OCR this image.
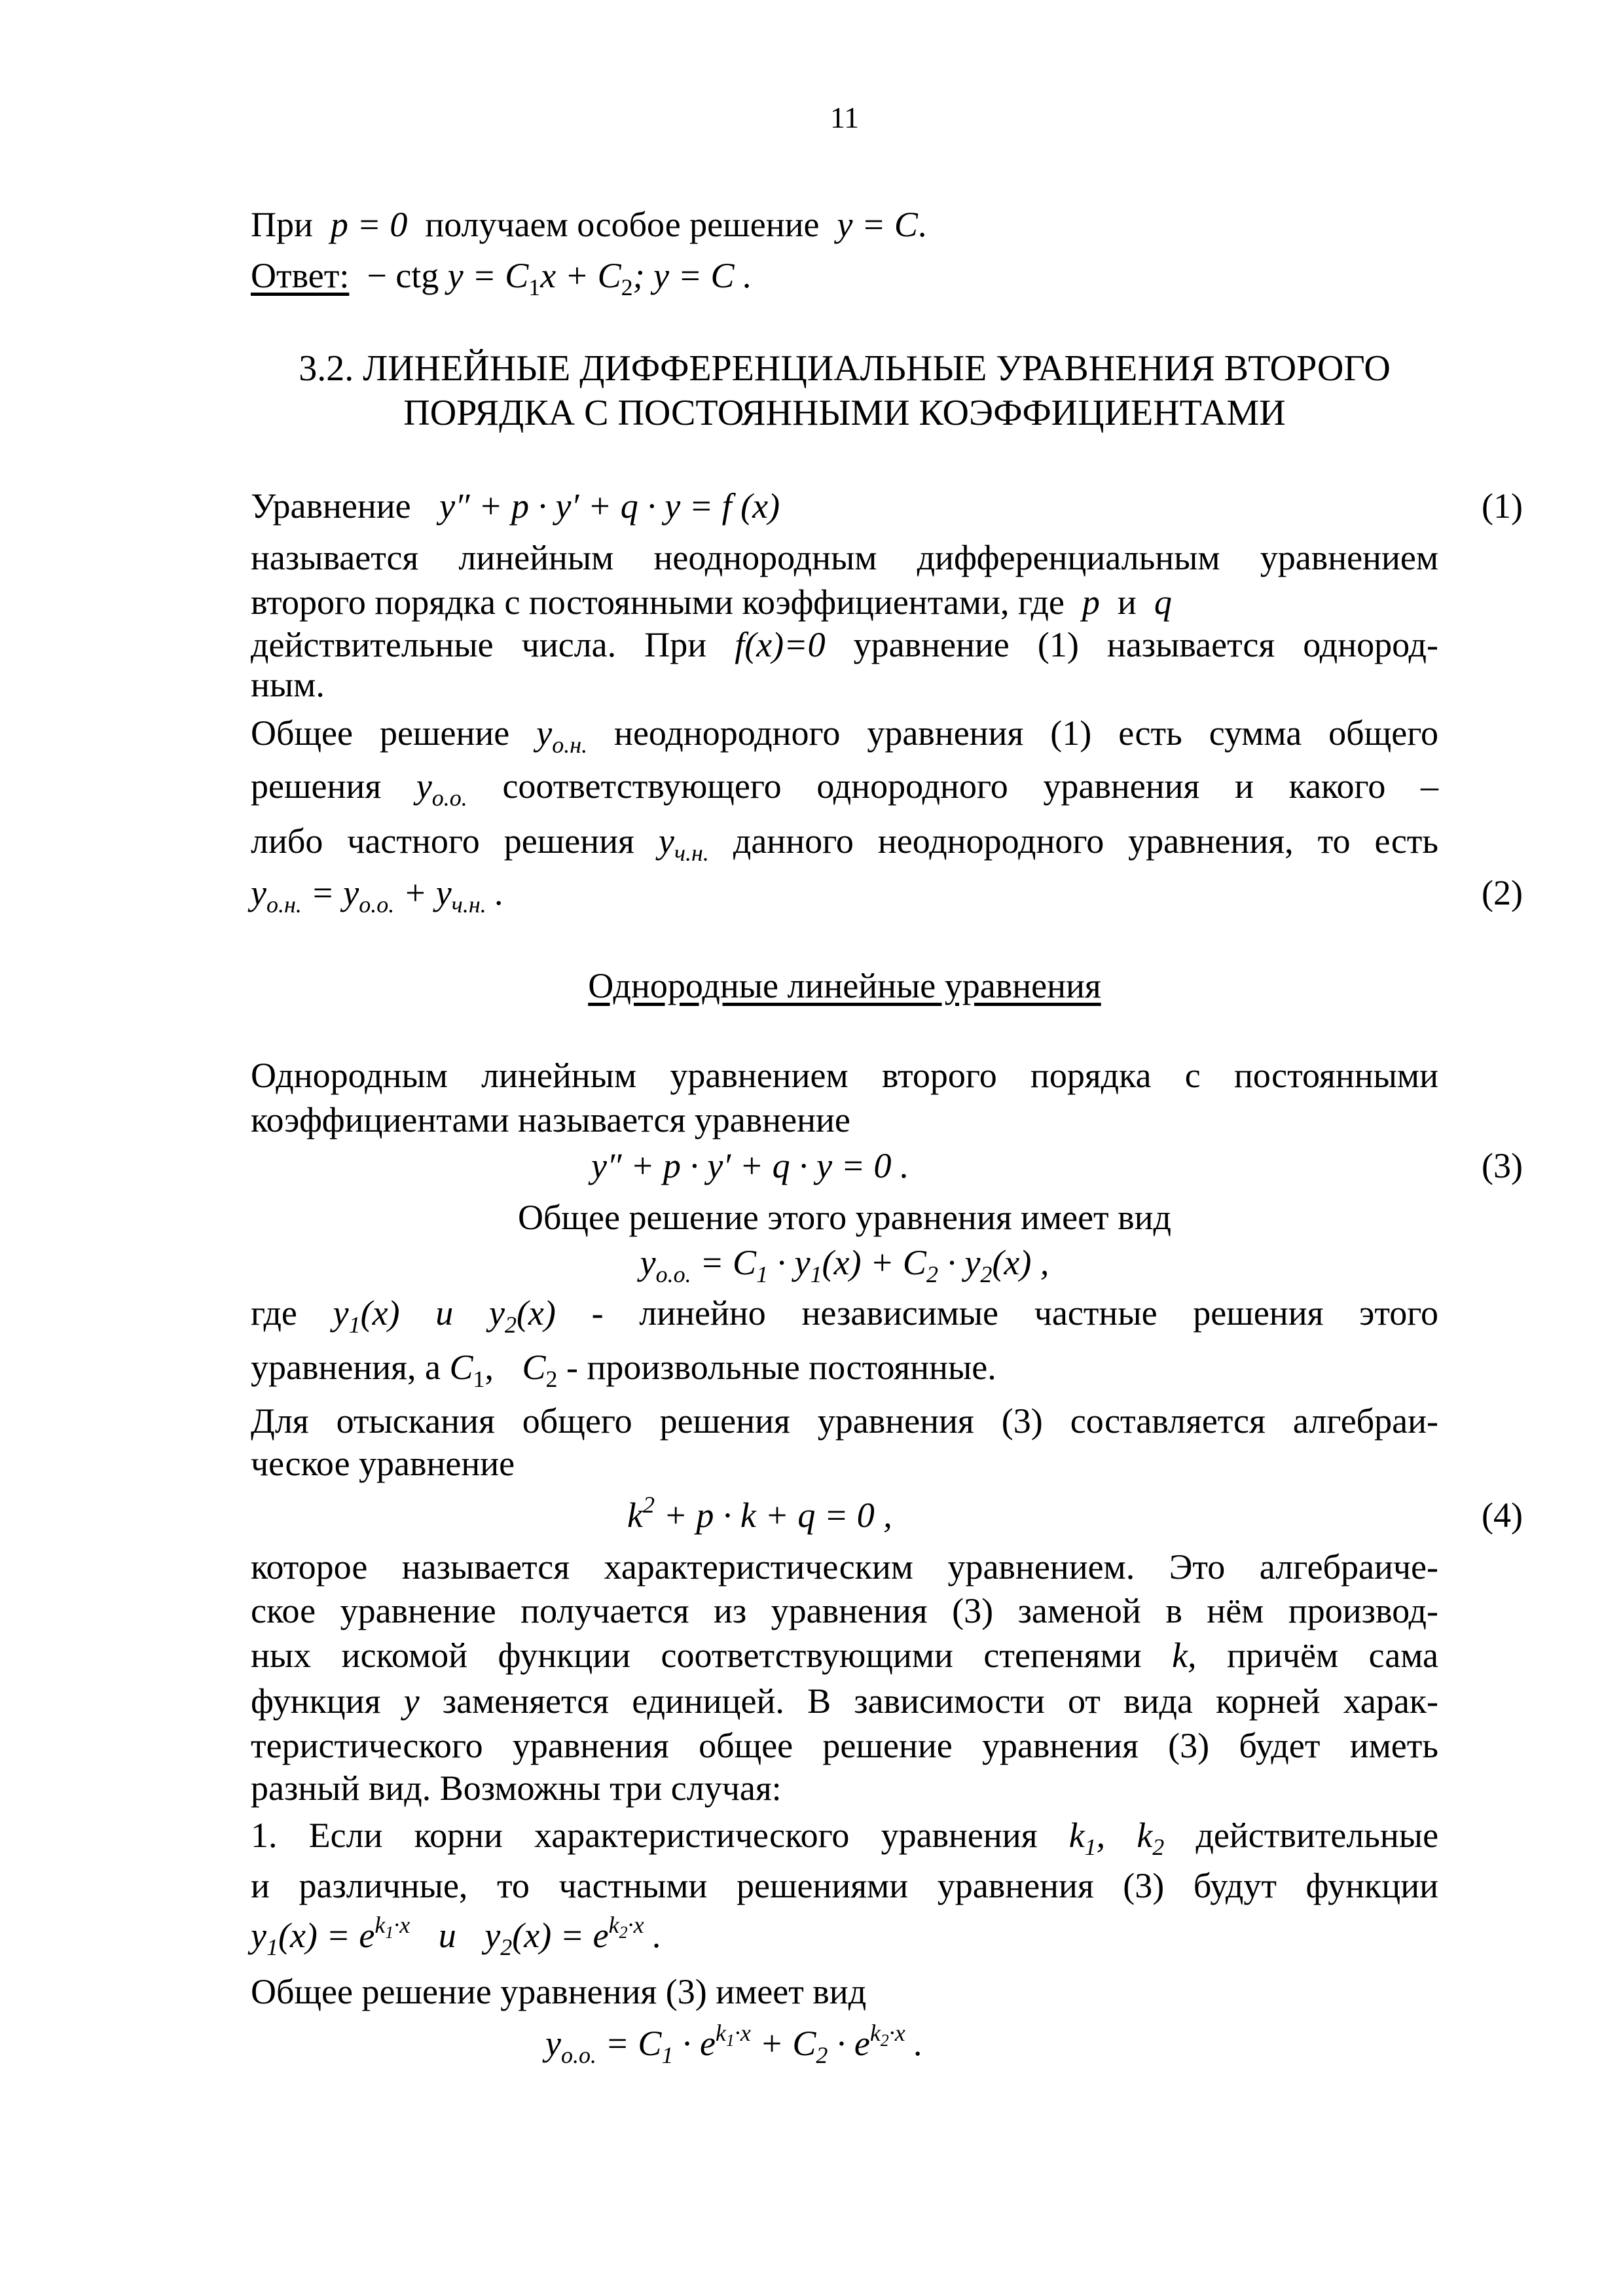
11
При p = 0 получаем особое решение y = C.
Ответ: − ctg $y = C_1x + C_2$; y = C .
3.2. ЛИНЕЙНЫЕ ДИФФЕРЕНЦИАЛЬНЫЕ УРАВНЕНИЯ ВТОРОГО
ПОРЯДКА С ПОСТОЯННЫМИ КОЭФФИЦИЕНТАМИ
Уравнение y″ + p · y′ + q · y = f (x)	(1)
называется линейным неоднородным дифференциальным уравнением
второго порядка с постоянными коэффициентами, где p и q
действительные числа. При f(x)=0 уравнение (1) называется однород-
ным.
Общее решение $y_{о.н.}$ неоднородного уравнения (1) есть сумма общего
решения $y_{о.о.}$ соответствующего однородного уравнения и какого –
либо частного решения $y_{ч.н.}$ данного неоднородного уравнения, то есть
$y_{о.н.} = y_{о.о.} + y_{ч.н.}$ .	(2)
Однородные линейные уравнения
Однородным линейным уравнением второго порядка с постоянными
коэффициентами называется уравнение
y″ + p · y′ + q · y = 0 .	(3)
Общее решение этого уравнения имеет вид
$y_{о.о.} = C_1 \cdot y_1(x) + C_2 \cdot y_2(x)$ ,
где $y_1(x)$ и $y_2(x)$ - линейно независимые частные решения этого
уравнения, а $C_1$, $C_2$ - произвольные постоянные.
Для отыскания общего решения уравнения (3) составляется алгебраи-
ческое уравнение
$k^2 + p \cdot k + q = 0$ ,	(4)
которое называется характеристическим уравнением. Это алгебраиче-
ское уравнение получается из уравнения (3) заменой в нём производ-
ных искомой функции соответствующими степенями k, причём сама
функция y заменяется единицей. В зависимости от вида корней харак-
теристического уравнения общее решение уравнения (3) будет иметь
разный вид. Возможны три случая:
1. Если корни характеристического уравнения $k_1$, $k_2$ действительные
и различные, то частными решениями уравнения (3) будут функции
$y_1(x) = e^{k_1\cdot x}$ и $y_2(x) = e^{k_2\cdot x}$ .
Общее решение уравнения (3) имеет вид
$y_{о.о.} = C_1 \cdot e^{k_1\cdot x} + C_2 \cdot e^{k_2\cdot x}$ .
